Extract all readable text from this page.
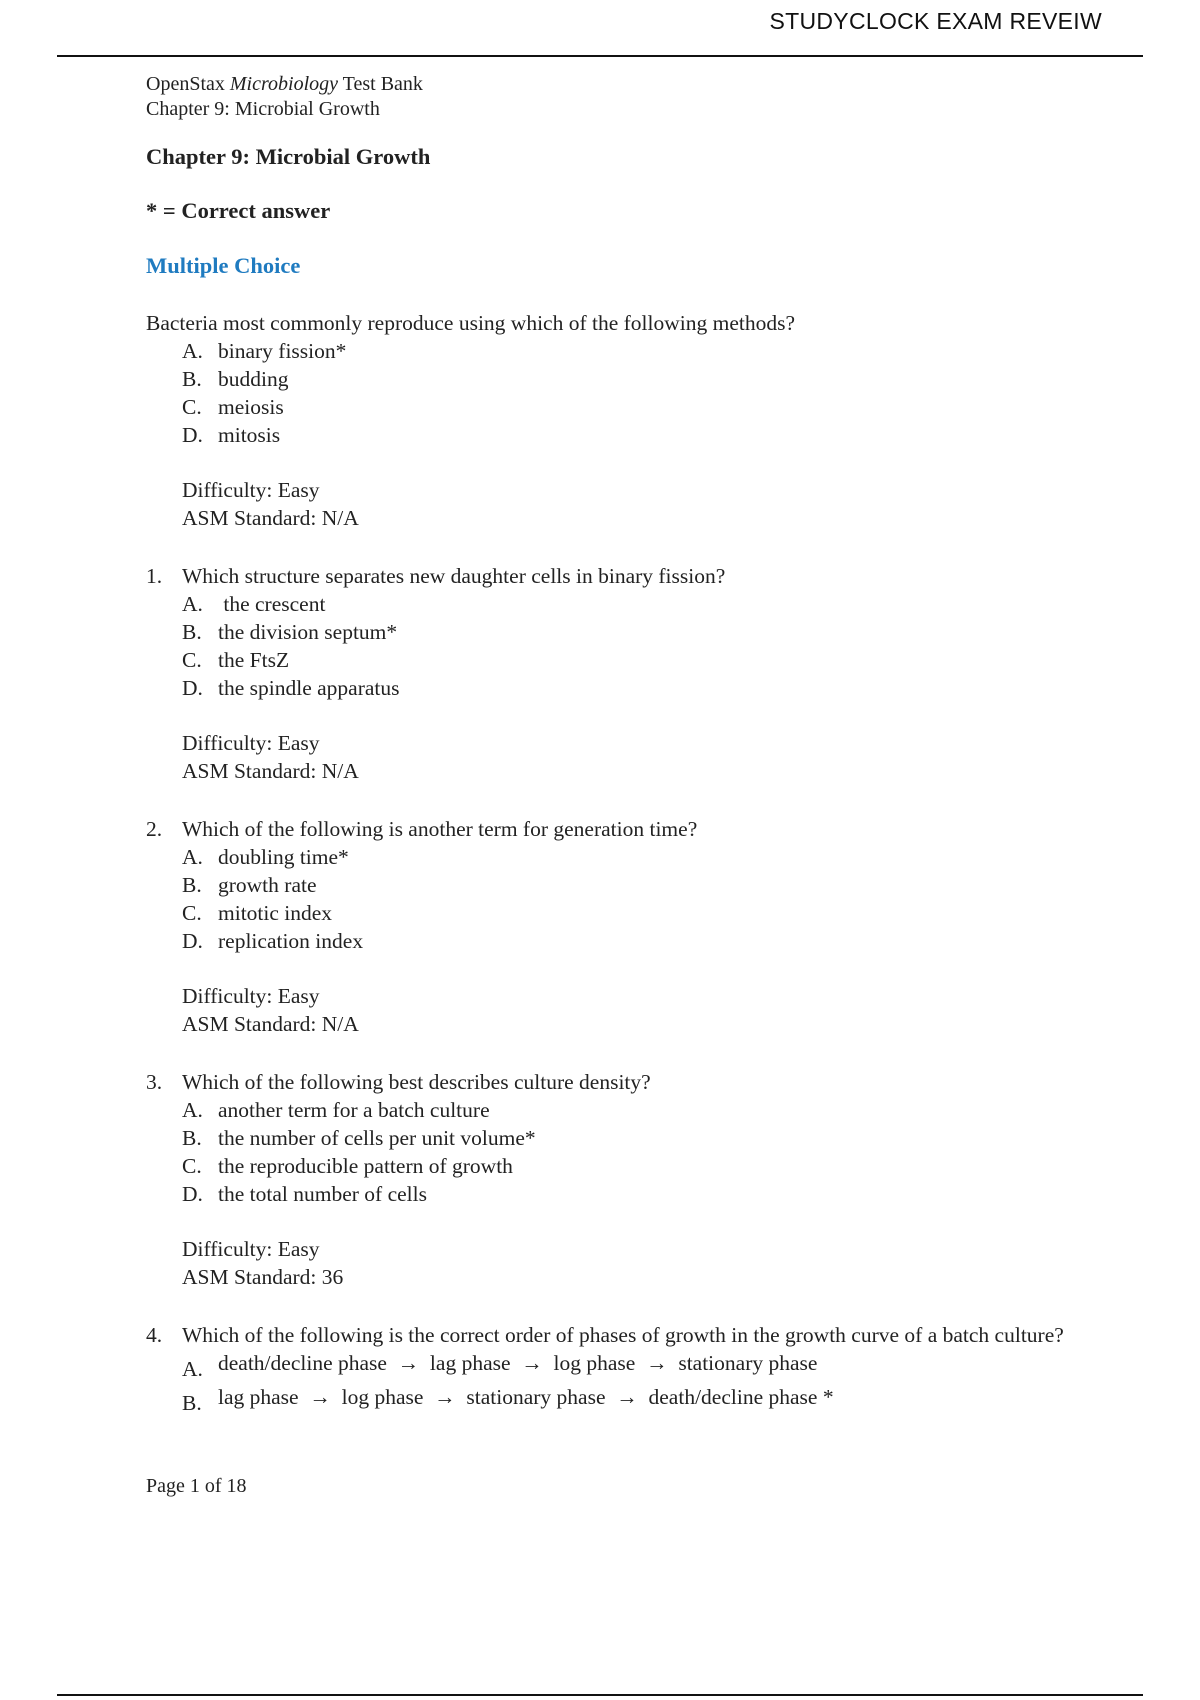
STUDYCLOCK EXAM REVEIW
OpenStax Microbiology Test Bank
Chapter 9: Microbial Growth
Chapter 9: Microbial Growth
* = Correct answer
Multiple Choice
Bacteria most commonly reproduce using which of the following methods?
A. binary fission*
B. budding
C. meiosis
D. mitosis
Difficulty: Easy
ASM Standard: N/A
1. Which structure separates new daughter cells in binary fission?
A. the crescent
B. the division septum*
C. the FtsZ
D. the spindle apparatus
Difficulty: Easy
ASM Standard: N/A
2. Which of the following is another term for generation time?
A. doubling time*
B. growth rate
C. mitotic index
D. replication index
Difficulty: Easy
ASM Standard: N/A
3. Which of the following best describes culture density?
A. another term for a batch culture
B. the number of cells per unit volume*
C. the reproducible pattern of growth
D. the total number of cells
Difficulty: Easy
ASM Standard: 36
4. Which of the following is the correct order of phases of growth in the growth curve of a batch culture?
A. death/decline phase  →  lag phase  →  log phase  →  stationary phase
B. lag phase  →  log phase  →  stationary phase  →  death/decline phase *
Page 1 of 18
